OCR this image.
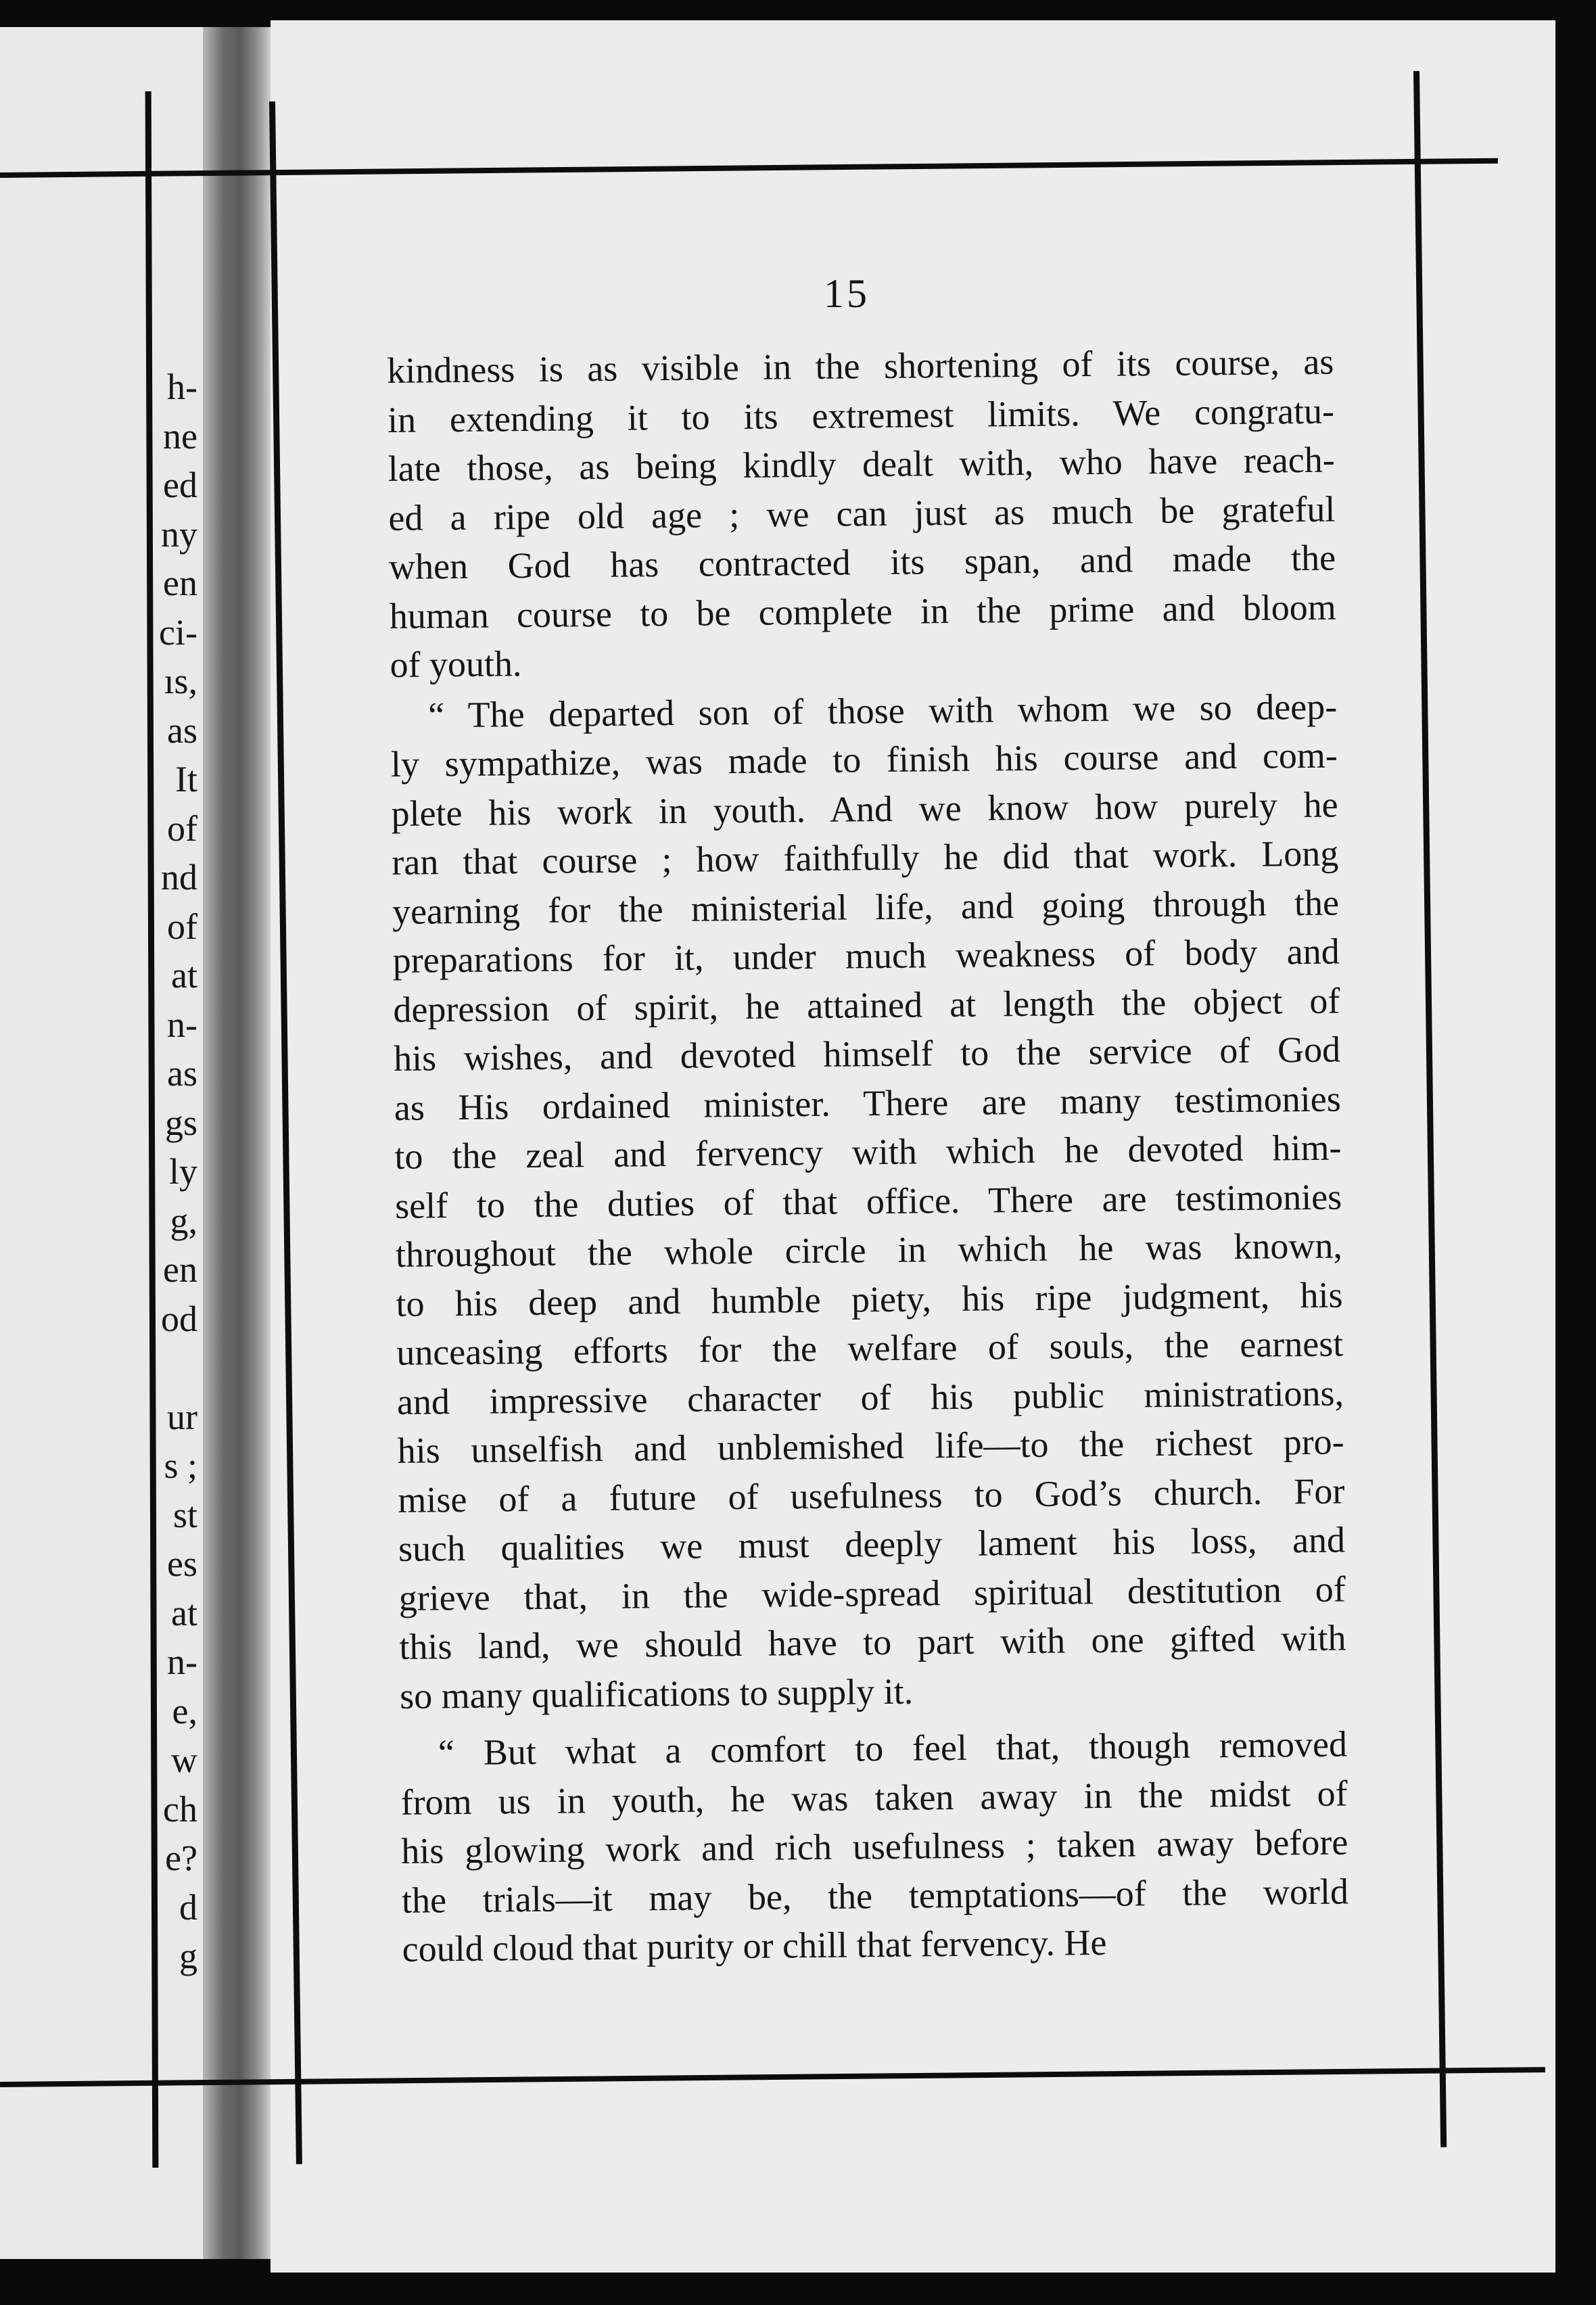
h-
ne
ed
ny
en
ci-
ıs,
as
It
of
nd
of
at
n-
as
gs
ly
g,
en
od
ur
s ;
st
es
at
n-
e,
w
ch
e?
d
g
15
kindness is as visible in the shortening of its course, as
in extending it to its extremest limits. We congratu-
late those, as being kindly dealt with, who have reach-
ed a ripe old age ; we can just as much be grateful
when God has contracted its span, and made the
human course to be complete in the prime and bloom
of youth.
“ The departed son of those with whom we so deep-
ly sympathize, was made to finish his course and com-
plete his work in youth. And we know how purely he
ran that course ; how faithfully he did that work. Long
yearning for the ministerial life, and going through the
preparations for it, under much weakness of body and
depression of spirit, he attained at length the object of
his wishes, and devoted himself to the service of God
as His ordained minister. There are many testimonies
to the zeal and fervency with which he devoted him-
self to the duties of that office. There are testimonies
throughout the whole circle in which he was known,
to his deep and humble piety, his ripe judgment, his
unceasing efforts for the welfare of souls, the earnest
and impressive character of his public ministrations,
his unselfish and unblemished life—to the richest pro-
mise of a future of usefulness to God’s church. For
such qualities we must deeply lament his loss, and
grieve that, in the wide-spread spiritual destitution of
this land, we should have to part with one gifted with
so many qualifications to supply it.
“ But what a comfort to feel that, though removed
from us in youth, he was taken away in the midst of
his glowing work and rich usefulness ; taken away before
the trials—it may be, the temptations—of the world
could cloud that purity or chill that fervency. He
